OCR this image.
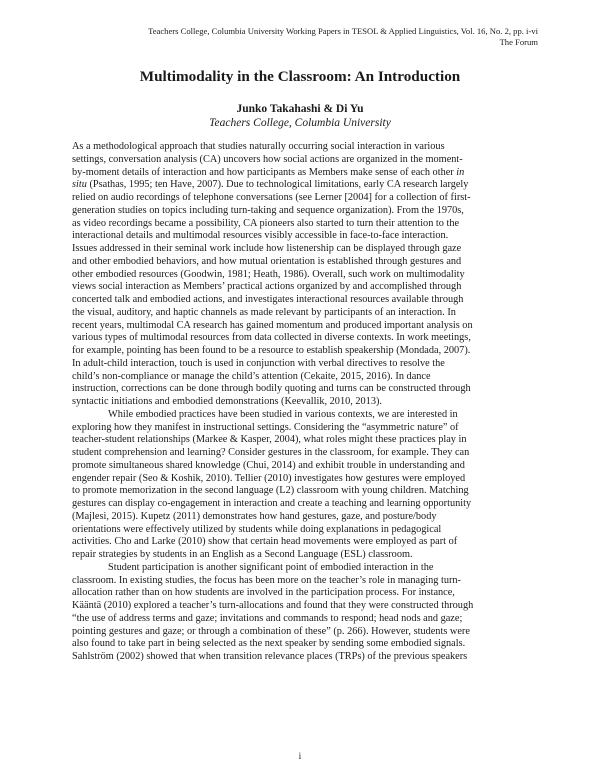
Teachers College, Columbia University Working Papers in TESOL & Applied Linguistics, Vol. 16, No. 2, pp. i-vi
The Forum
Multimodality in the Classroom: An Introduction
Junko Takahashi & Di Yu
Teachers College, Columbia University

As a methodological approach that studies naturally occurring social interaction in various
settings, conversation analysis (CA) uncovers how social actions are organized in the moment-
by-moment details of interaction and how participants as Members make sense of each other in
situ (Psathas, 1995; ten Have, 2007). Due to technological limitations, early CA research largely
relied on audio recordings of telephone conversations (see Lerner [2004] for a collection of first-
generation studies on topics including turn-taking and sequence organization). From the 1970s,
as video recordings became a possibility, CA pioneers also started to turn their attention to the
interactional details and multimodal resources visibly accessible in face-to-face interaction.
Issues addressed in their seminal work include how listenership can be displayed through gaze
and other embodied behaviors, and how mutual orientation is established through gestures and
other embodied resources (Goodwin, 1981; Heath, 1986). Overall, such work on multimodality
views social interaction as Members’ practical actions organized by and accomplished through
concerted talk and embodied actions, and investigates interactional resources available through
the visual, auditory, and haptic channels as made relevant by participants of an interaction. In
recent years, multimodal CA research has gained momentum and produced important analysis on
various types of multimodal resources from data collected in diverse contexts. In work meetings,
for example, pointing has been found to be a resource to establish speakership (Mondada, 2007).
In adult-child interaction, touch is used in conjunction with verbal directives to resolve the
child’s non-compliance or manage the child’s attention (Cekaite, 2015, 2016). In dance
instruction, corrections can be done through bodily quoting and turns can be constructed through
syntactic initiations and embodied demonstrations (Keevallik, 2010, 2013).

While embodied practices have been studied in various contexts, we are interested in
exploring how they manifest in instructional settings. Considering the “asymmetric nature” of
teacher-student relationships (Markee & Kasper, 2004), what roles might these practices play in
student comprehension and learning? Consider gestures in the classroom, for example. They can
promote simultaneous shared knowledge (Chui, 2014) and exhibit trouble in understanding and
engender repair (Seo & Koshik, 2010). Tellier (2010) investigates how gestures were employed
to promote memorization in the second language (L2) classroom with young children. Matching
gestures can display co-engagement in interaction and create a teaching and learning opportunity
(Majlesi, 2015). Kupetz (2011) demonstrates how hand gestures, gaze, and posture/body
orientations were effectively utilized by students while doing explanations in pedagogical
activities. Cho and Larke (2010) show that certain head movements were employed as part of
repair strategies by students in an English as a Second Language (ESL) classroom.

Student participation is another significant point of embodied interaction in the
classroom. In existing studies, the focus has been more on the teacher’s role in managing turn-
allocation rather than on how students are involved in the participation process. For instance,
Kääntä (2010) explored a teacher’s turn-allocations and found that they were constructed through
“the use of address terms and gaze; invitations and commands to respond; head nods and gaze;
pointing gestures and gaze; or through a combination of these” (p. 266). However, students were
also found to take part in being selected as the next speaker by sending some embodied signals.
Sahlström (2002) showed that when transition relevance places (TRPs) of the previous speakers

i
